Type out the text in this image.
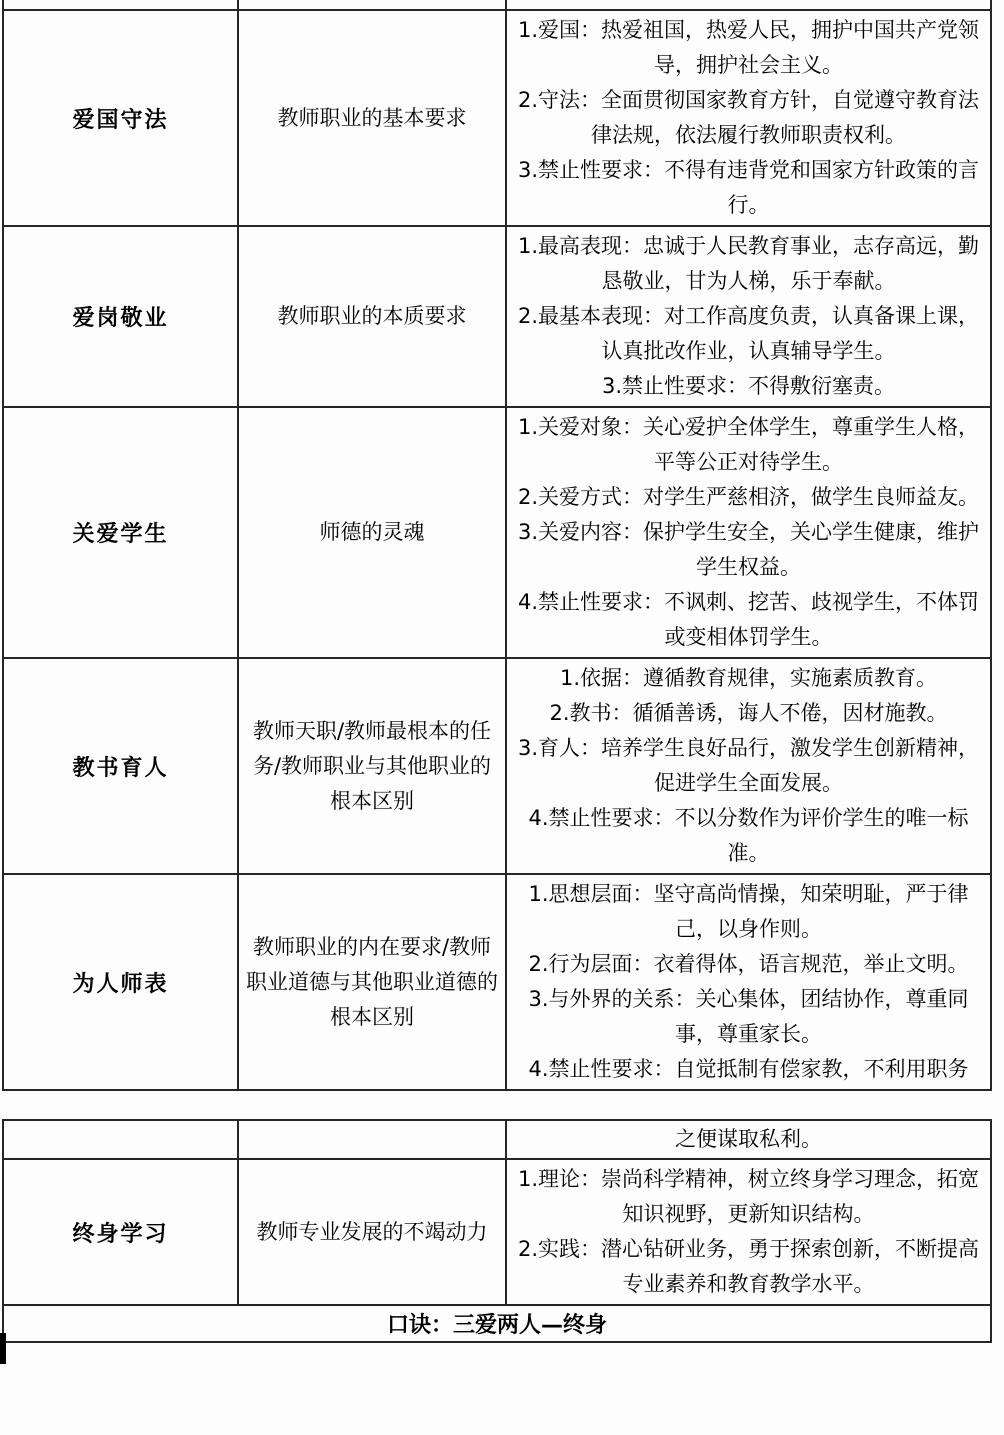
爱国守法	教师职业的基本要求	1.爱国：热爱祖国，热爱人民，拥护中国共产党领导，拥护社会主义。
2.守法：全面贯彻国家教育方针，自觉遵守教育法律法规，依法履行教师职责权利。
3.禁止性要求：不得有违背党和国家方针政策的言行。

爱岗敬业	教师职业的本质要求	1.最高表现：忠诚于人民教育事业，志存高远，勤恳敬业，甘为人梯，乐于奉献。
2.最基本表现：对工作高度负责，认真备课上课，认真批改作业，认真辅导学生。
3.禁止性要求：不得敷衍塞责。

关爱学生	师德的灵魂	1.关爱对象：关心爱护全体学生，尊重学生人格，平等公正对待学生。
2.关爱方式：对学生严慈相济，做学生良师益友。
3.关爱内容：保护学生安全，关心学生健康，维护学生权益。
4.禁止性要求：不讽刺、挖苦、歧视学生，不体罚或变相体罚学生。

教书育人	教师天职/教师最根本的任务/教师职业与其他职业的根本区别	1.依据：遵循教育规律，实施素质教育。
2.教书：循循善诱，诲人不倦，因材施教。
3.育人：培养学生良好品行，激发学生创新精神，促进学生全面发展。
4.禁止性要求：不以分数作为评价学生的唯一标准。

为人师表	教师职业的内在要求/教师职业道德与其他职业道德的根本区别	1.思想层面：坚守高尚情操，知荣明耻，严于律己，以身作则。
2.行为层面：衣着得体，语言规范，举止文明。
3.与外界的关系：关心集体，团结协作，尊重同事，尊重家长。
4.禁止性要求：自觉抵制有偿家教，不利用职务
		之便谋取私利。
终身学习	教师专业发展的不竭动力	1.理论：崇尚科学精神，树立终身学习理念，拓宽知识视野，更新知识结构。
2.实践：潜心钻研业务，勇于探索创新，不断提高专业素养和教育教学水平。

口诀：三爱两人—终身		
